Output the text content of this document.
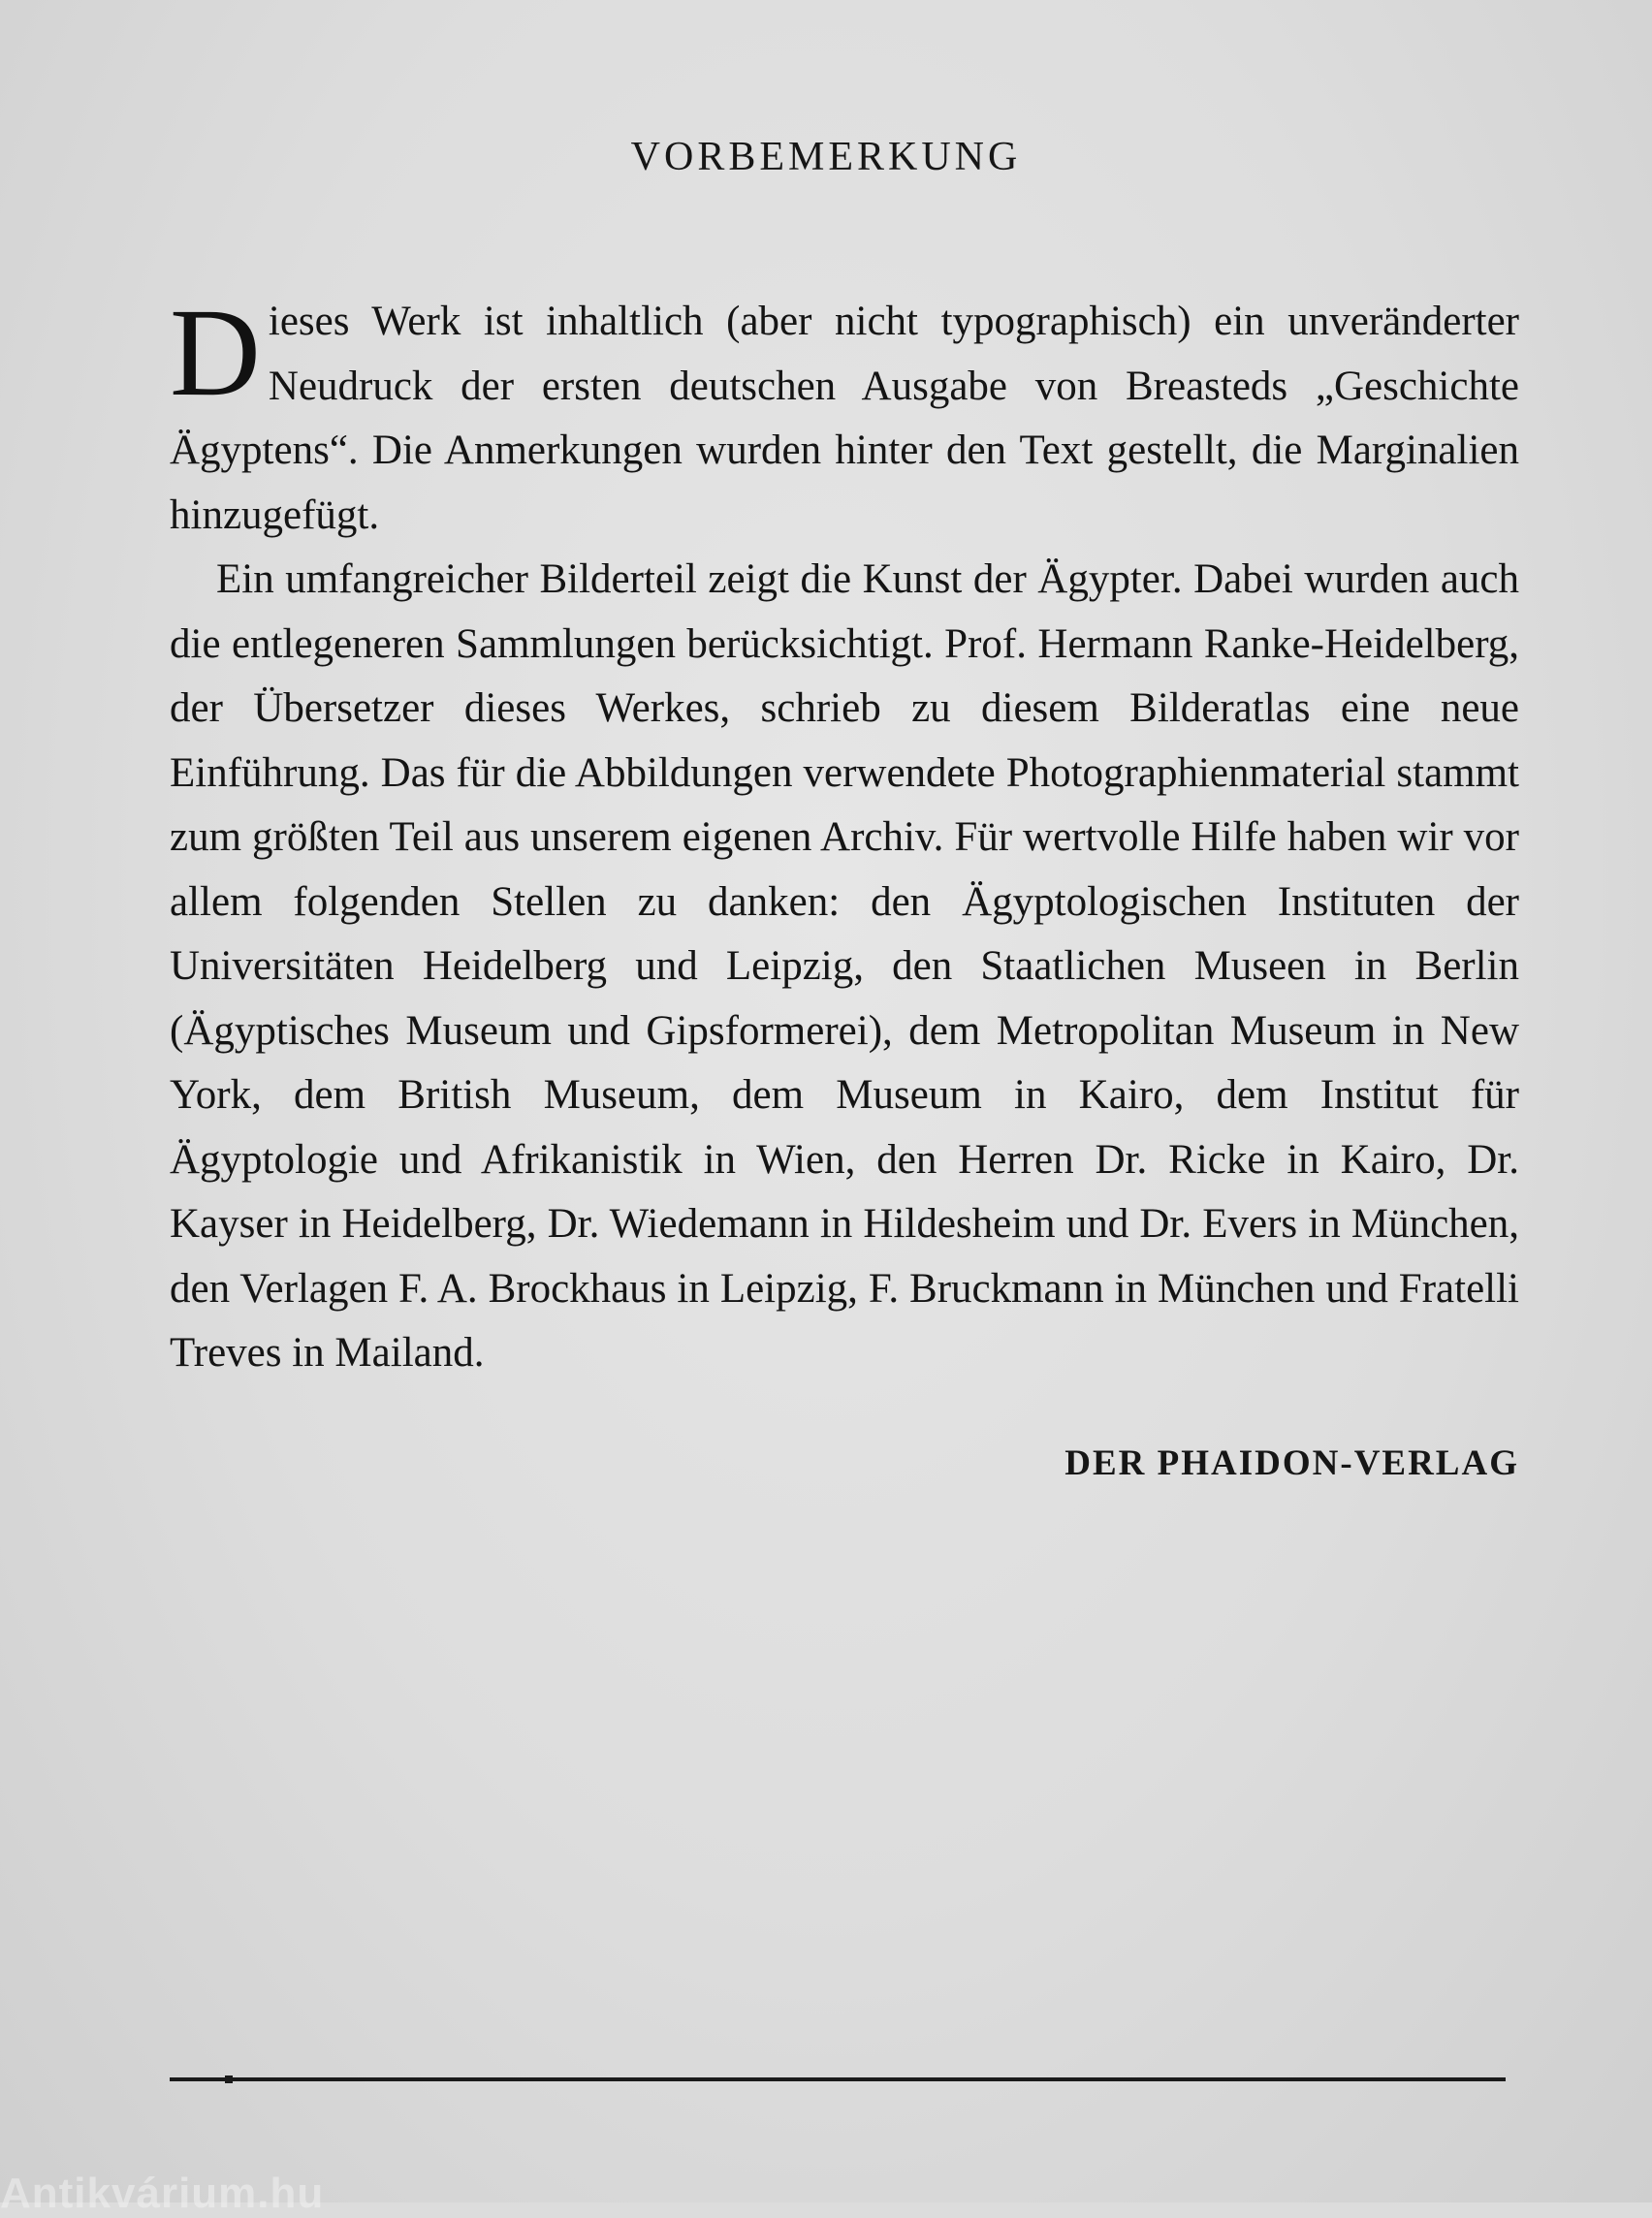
VORBEMERKUNG

Dieses Werk ist inhaltlich (aber nicht typographisch) ein unveränderter Neudruck der ersten deutschen Ausgabe von Breasteds „Geschichte Ägyptens“. Die Anmerkungen wurden hinter den Text gestellt, die Marginalien hinzugefügt.

Ein umfangreicher Bilderteil zeigt die Kunst der Ägypter. Dabei wurden auch die entlegeneren Sammlungen berücksichtigt. Prof. Hermann Ranke-Heidelberg, der Übersetzer dieses Werkes, schrieb zu diesem Bilderatlas eine neue Einführung. Das für die Abbildungen verwendete Photographienmaterial stammt zum größten Teil aus unserem eigenen Archiv. Für wertvolle Hilfe haben wir vor allem folgenden Stellen zu danken: den Ägyptologischen Instituten der Universitäten Heidelberg und Leipzig, den Staatlichen Museen in Berlin (Ägyptisches Museum und Gipsformerei), dem Metropolitan Museum in New York, dem British Museum, dem Museum in Kairo, dem Institut für Ägyptologie und Afrikanistik in Wien, den Herren Dr. Ricke in Kairo, Dr. Kayser in Heidelberg, Dr. Wiedemann in Hildesheim und Dr. Evers in München, den Verlagen F. A. Brockhaus in Leipzig, F. Bruckmann in München und Fratelli Treves in Mailand.

DER PHAIDON-VERLAG
Antikvárium.hu
